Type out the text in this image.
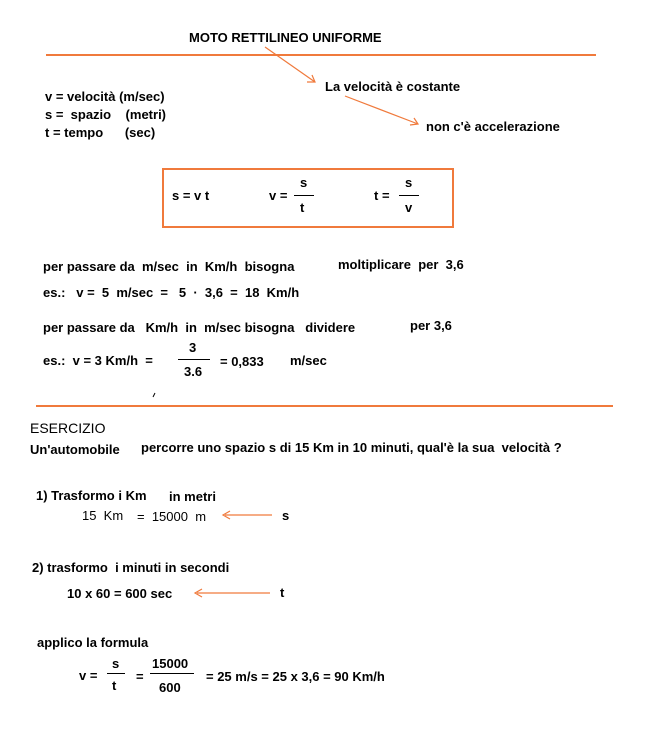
MOTO RETTILINEO UNIFORME
La velocità è costante
non c'è accelerazione
v = velocità (m/sec)
s =  spazio    (metri)
t = tempo      (sec)
s = v t	v =
s
t
t =
s
v
per passare da  m/sec  in  Km/h  bisogna	moltiplicare  per  3,6
es.:   v =  5  m/sec  =   5  ·  3,6  =  18  Km/h
per passare da   Km/h  in  m/sec bisogna   dividere	per 3,6
es.:  v = 3 Km/h  =
3
3.6
= 0,833 m/sec
ESERCIZIO
Un'automobile percorre uno spazio s di 15 Km in 10 minuti, qual'è la sua  velocità ?
1) Trasformo i Km in metri
15  Km =  15000  m	s
2) trasformo  i minuti in secondi
10 x 60 = 600 sec	t
applico la formula
v =
s
t
=
15000
600
= 25 m/s = 25 x 3,6 = 90 Km/h
